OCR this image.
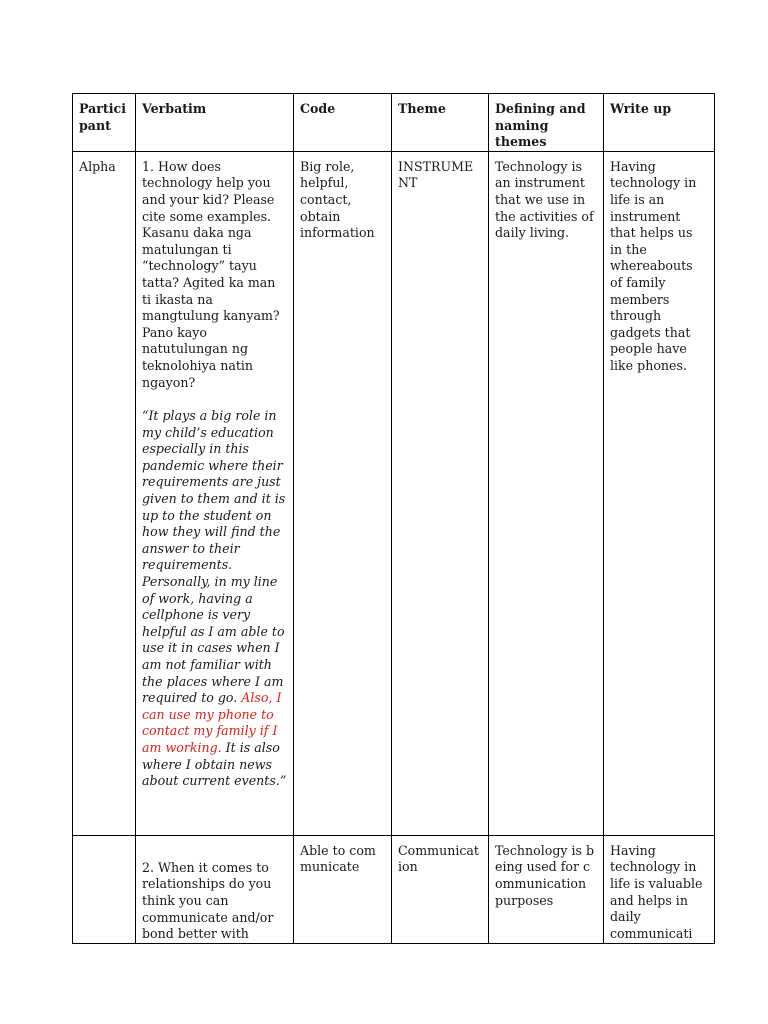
Partici pant	Verbatim	Code	Theme	Defining and naming themes	Write up
Alpha	1. How does technology help you and your kid? Please cite some examples.
Kasanu daka nga matulungan ti “technology” tayu tatta? Agited ka man ti ikasta na mangtulung kanyam?
Pano kayo natutulungan ng teknolohiya natin ngayon?
“It plays a big role in my child’s education especially in this pandemic where their requirements are just given to them and it is up to the student on how they will find the answer to their requirements. Personally, in my line of work, having a cellphone is very helpful as I am able to use it in cases when I am not familiar with the places where I am required to go. Also, I can use my phone to contact my family if I am working. It is also where I obtain news about current events.”	Big role, helpful, contact, obtain information	INSTRUMENT	Technology is an instrument that we use in the activities of daily living.	Having technology in life is an instrument that helps us in the whereabouts of family members through gadgets that people have like phones.

	2. When it comes to relationships do you think you can communicate and/or bond better with	Able to communicate	Communication	Technology is being used for communication purposes	Having technology in life is valuable and helps in daily communicati
